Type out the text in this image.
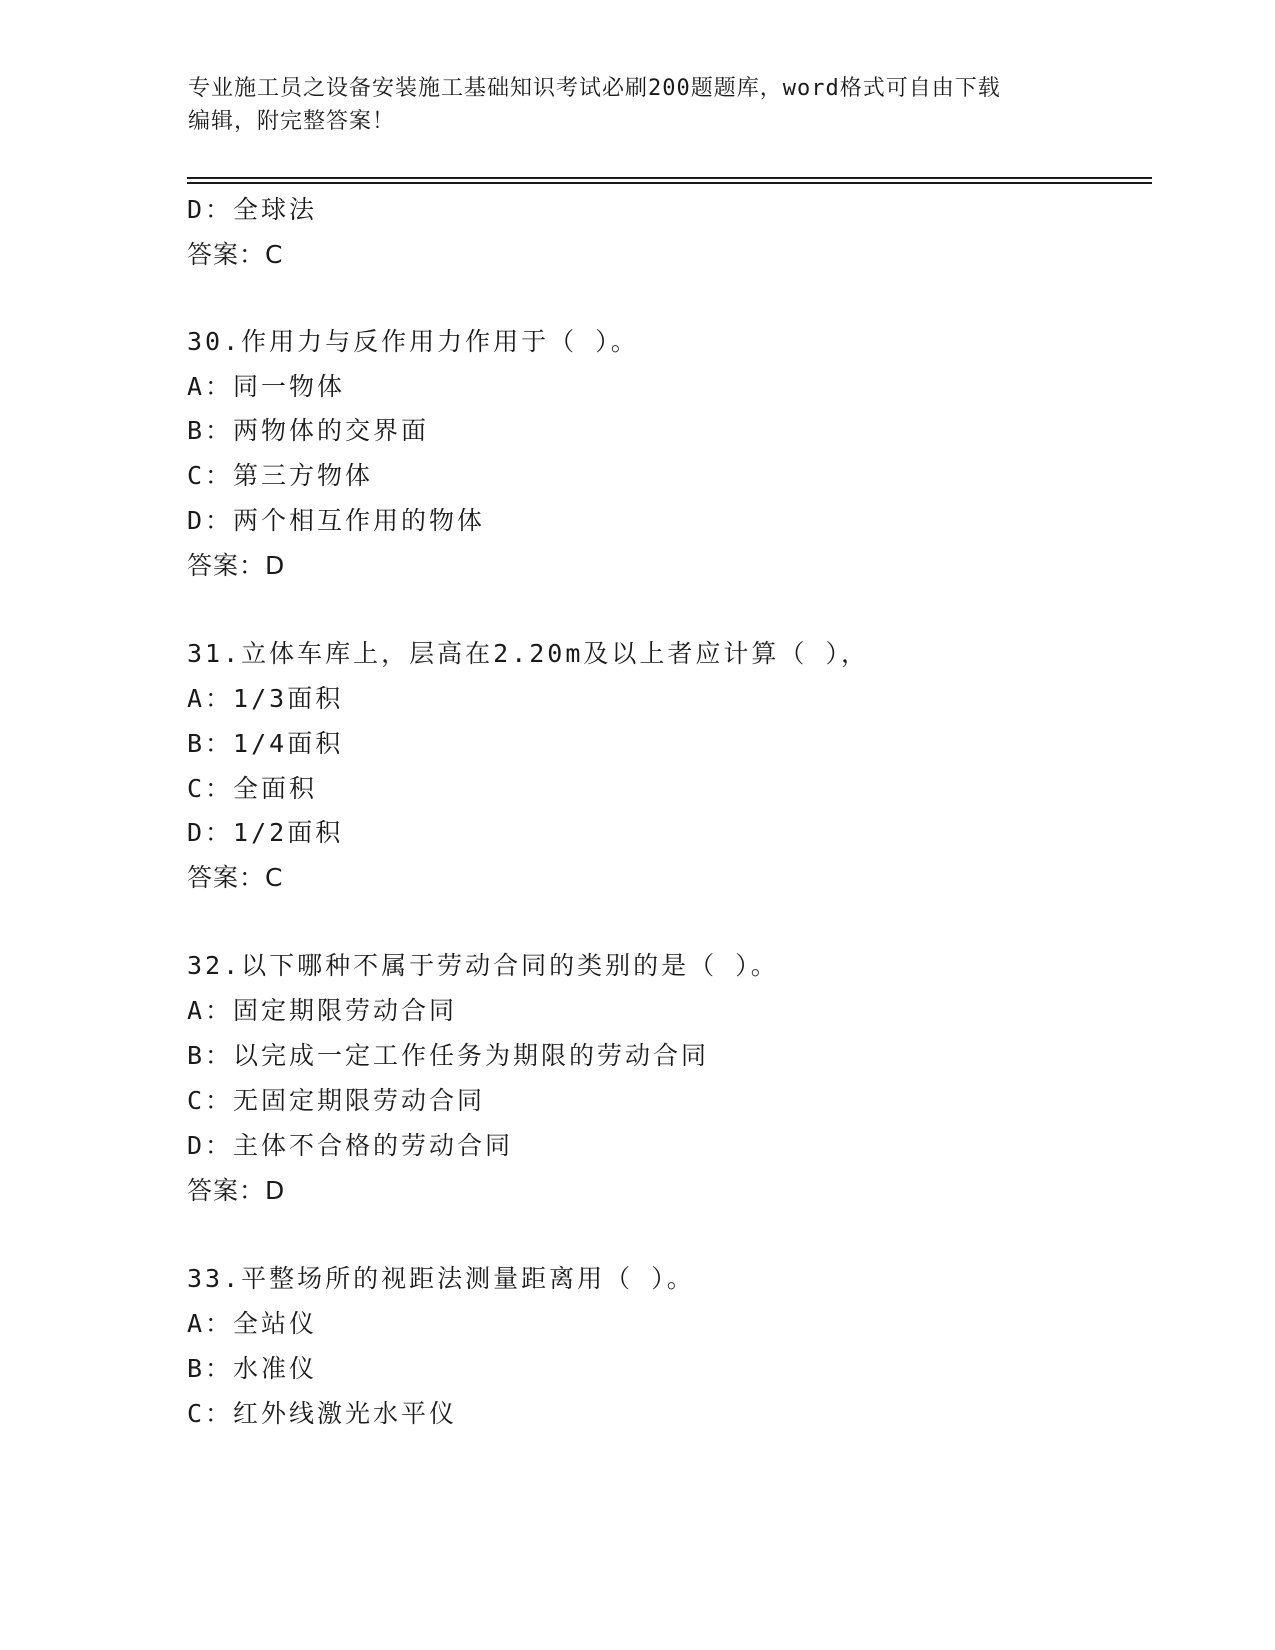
专业施工员之设备安装施工基础知识考试必刷200题题库，word格式可自由下载
编辑，附完整答案！
D：全球法
答案：C
30.作用力与反作用力作用于（ ）。
A：同一物体
B：两物体的交界面
C：第三方物体
D：两个相互作用的物体
答案：D
31.立体车库上，层高在2.20m及以上者应计算（ ），
A：1/3面积
B：1/4面积
C：全面积
D：1/2面积
答案：C
32.以下哪种不属于劳动合同的类别的是（ ）。
A：固定期限劳动合同
B：以完成一定工作任务为期限的劳动合同
C：无固定期限劳动合同
D：主体不合格的劳动合同
答案：D
33.平整场所的视距法测量距离用（ ）。
A：全站仪
B：水准仪
C：红外线激光水平仪
